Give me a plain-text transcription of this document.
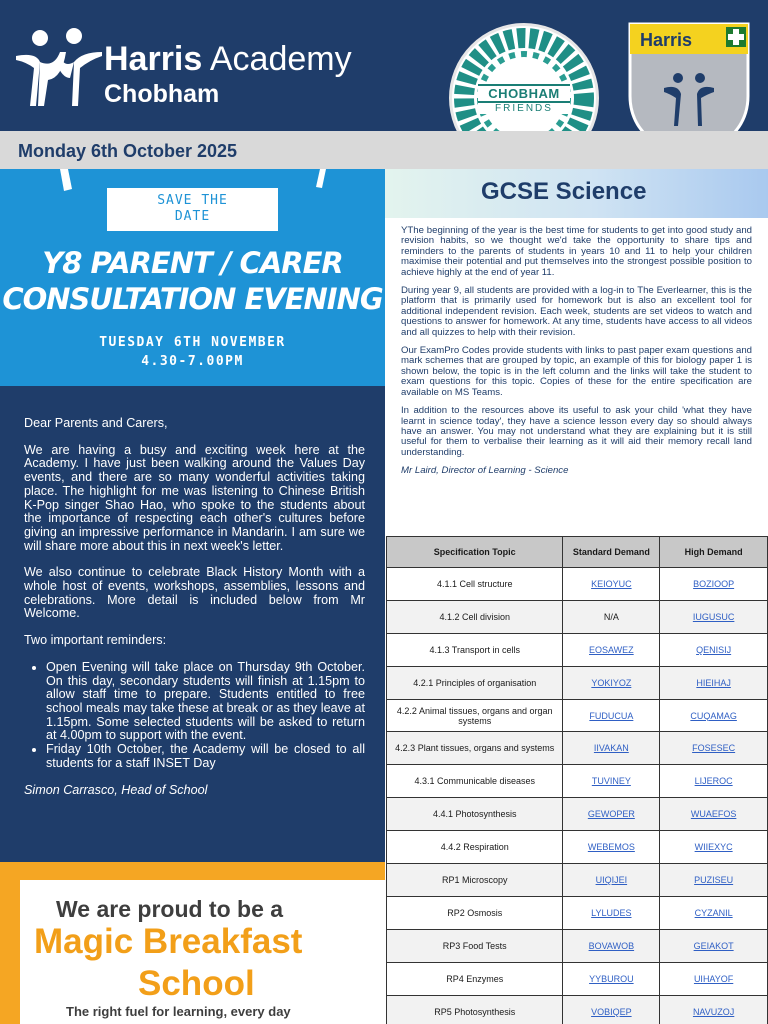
Harris Academy
Chobham	CHOBHAM
FRIENDS
Harris
Monday 6th October 2025
SAVE THE
DATE
Y8 PARENT / CARER
CONSULTATION EVENING
TUESDAY 6TH NOVEMBER
4.30-7.00PM

Dear Parents and Carers,

We are having a busy and exciting week here at the Academy. I have just been walking around the Values Day events, and there are so many wonderful activities taking place. The highlight for me was listening to Chinese British K-Pop singer Shao Hao, who spoke to the students about the importance of respecting each other's cultures before giving an impressive performance in Mandarin. I am sure we will share more about this in next week's letter.

We also continue to celebrate Black History Month with a whole host of events, workshops, assemblies, lessons and celebrations. More detail is included below from Mr Welcome.

Two important reminders:

• Open Evening will take place on Thursday 9th October. On this day, secondary students will finish at 1.15pm to allow staff time to prepare. Students entitled to free school meals may take these at break or as they leave at 1.15pm. Some selected students will be asked to return at 4.00pm to support with the event.
• Friday 10th October, the Academy will be closed to all students for a staff INSET Day

Simon Carrasco, Head of School

We are proud to be a
Magic Breakfast
School
The right fuel for learning, every day
GCSE Science

YThe beginning of the year is the best time for students to get into good study and revision habits, so we thought we'd take the opportunity to share tips and reminders to the parents of students in years 10 and 11 to help your children maximise their potential and put themselves into the strongest possible position to achieve highly at the end of year 11.

During year 9, all students are provided with a log-in to The Everlearner, this is the platform that is primarily used for homework but is also an excellent tool for additional independent revision. Each week, students are set videos to watch and questions to answer for homework. At any time, students have access to all videos and all quizzes to help with their revision.

Our ExamPro Codes provide students with links to past paper exam questions and mark schemes that are grouped by topic, an example of this for biology paper 1 is shown below, the topic is in the left column and the links will take the student to exam questions for this topic. Copies of these for the entire specification are available on MS Teams.

In addition to the resources above its useful to ask your child 'what they have learnt in science today', they have a science lesson every day so should always have an answer. You may not understand what they are explaining but it is still useful for them to verbalise their learning as it will aid their memory recall land understanding.

Mr Laird, Director of Learning - Science

Specification Topic	Standard Demand	High Demand
4.1.1 Cell structure	KEIOYUC	BOZIOOP
4.1.2 Cell division	N/A	IUGUSUC
4.1.3 Transport in cells	EOSAWEZ	QENISIJ
4.2.1 Principles of organisation	YOKIYOZ	HIEIHAJ
4.2.2 Animal tissues, organs and organ systems	FUDUCUA	CUQAMAG
4.2.3 Plant tissues, organs and systems	IIVAKAN	FOSESEC
4.3.1 Communicable diseases	TUVINEY	LIJEROC
4.4.1 Photosynthesis	GEWOPER	WUAEFOS
4.4.2 Respiration	WEBEMOS	WIIEXYC
RP1 Microscopy	UIQIJEI	PUZISEU
RP2 Osmosis	LYLUDES	CYZANIL
RP3 Food Tests	BOVAWOB	GEIAKOT
RP4 Enzymes	YYBUROU	UIHAYOF
RP5 Photosynthesis	VOBIQEP	NAVUZOJ
